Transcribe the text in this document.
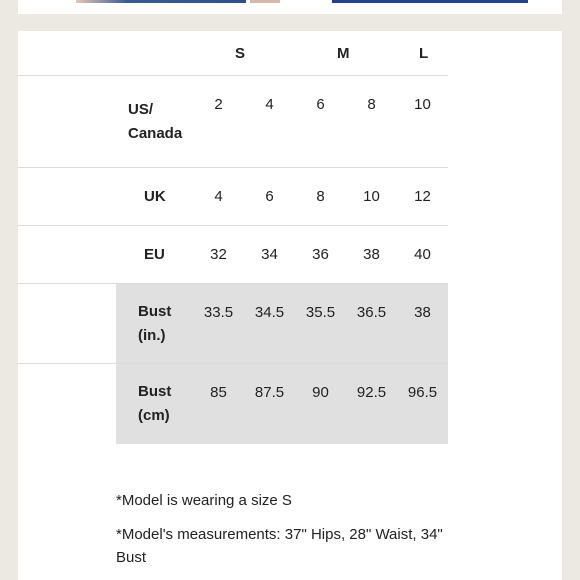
	S		M		L

US/
Canada	2	4	6	8	10

UK	4	6	8	10	12

EU	32	34	36	38	40

Bust
(in.)	33.5	34.5	35.5	36.5	38

Bust
(cm)	85	87.5	90	92.5	96.5

*Model is wearing a size S

*Model's measurements: 37" Hips, 28" Waist, 34" Bust
